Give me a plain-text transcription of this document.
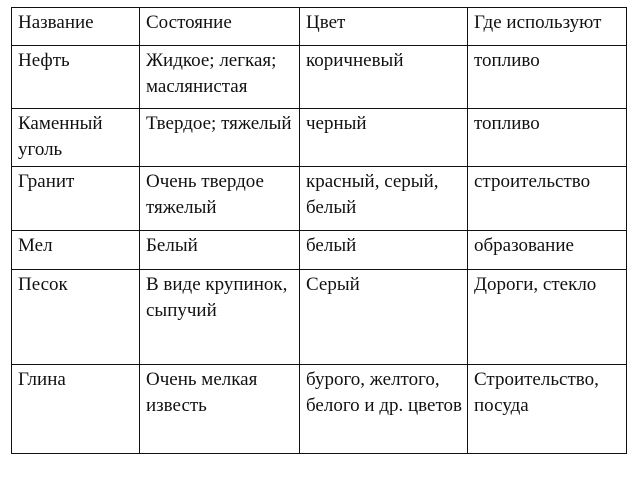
Название	Состояние	Цвет	Где используют

Нефть	Жидкое; легкая; маслянистая	коричневый	топливо

Каменный уголь	Твердое; тяжелый	черный	топливо

Гранит	Очень твердое тяжелый	красный, серый, белый	строительство

Мел	Белый	белый	образование

Песок	В виде крупинок, сыпучий	Серый	Дороги, стекло

Глина	Очень мелкая известь	бурого, желтого, белого и др. цветов	Строительство, посуда
